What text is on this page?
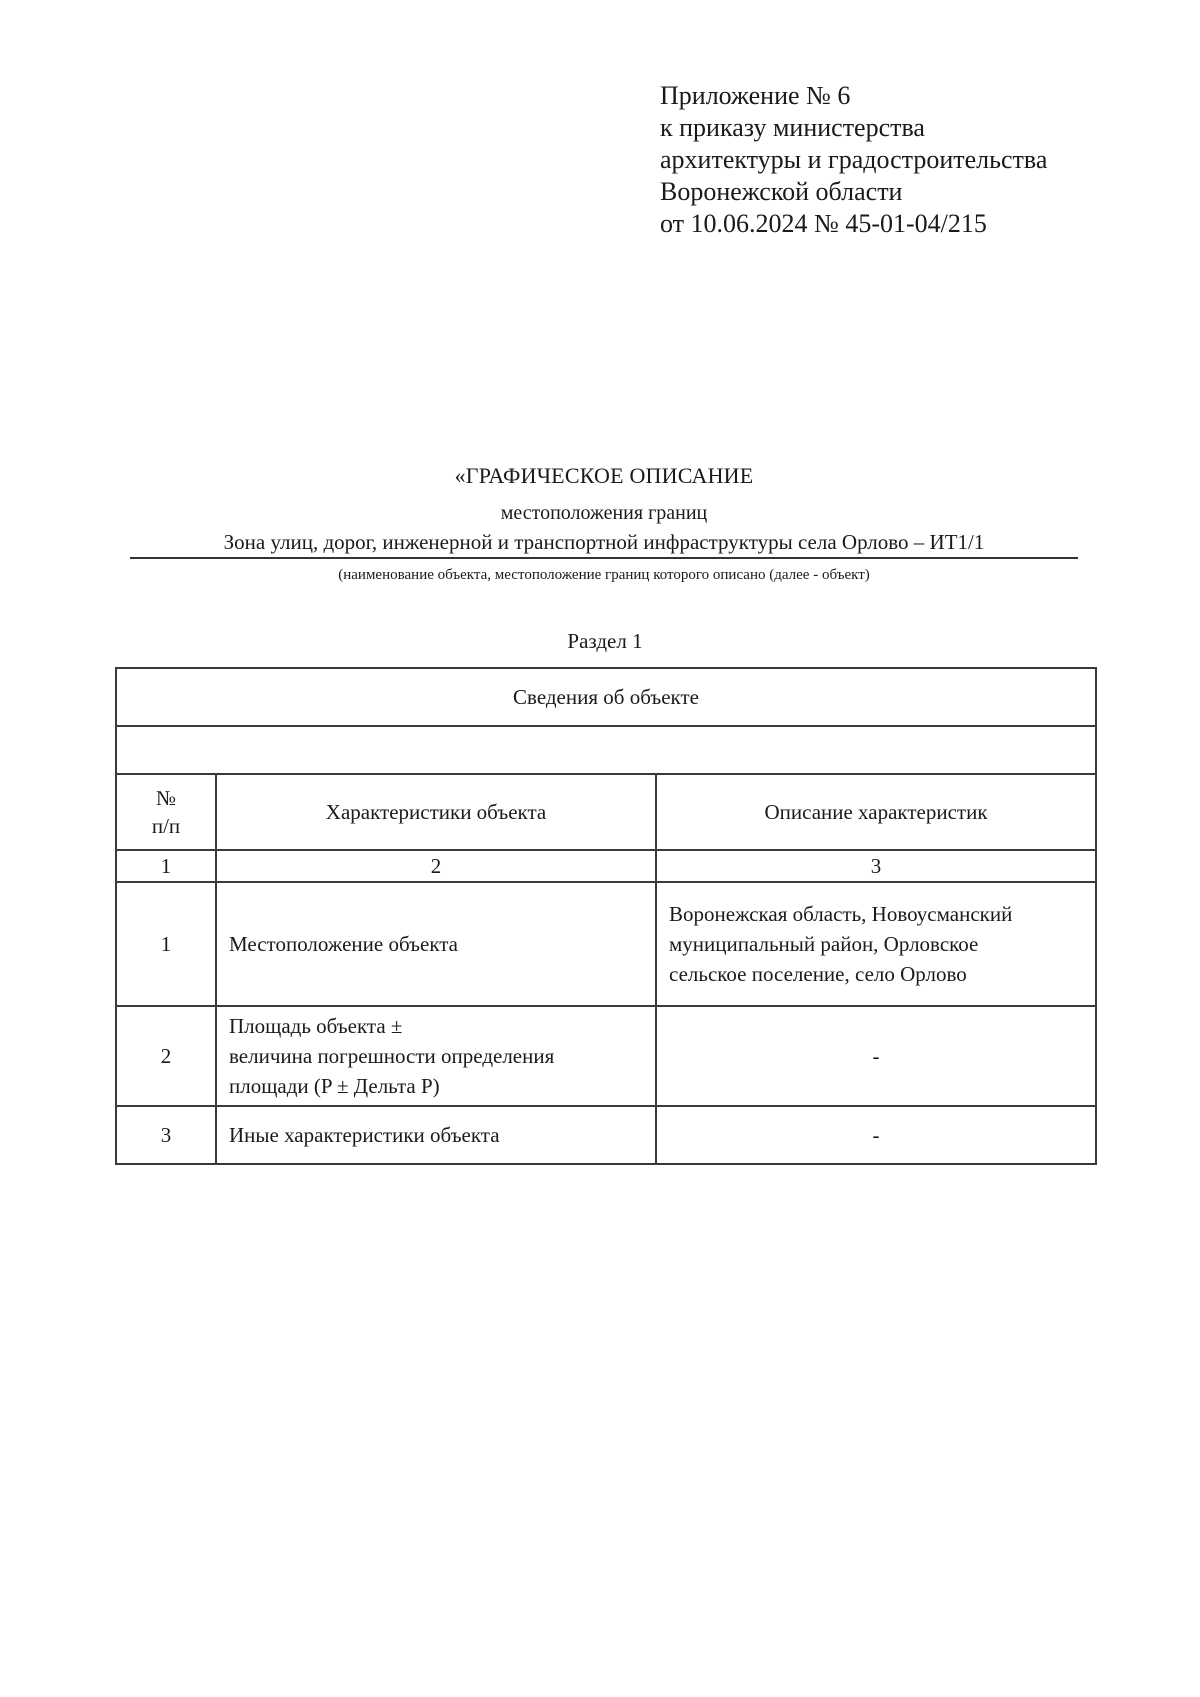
Приложение № 6
к приказу министерства
архитектуры и градостроительства
Воронежской области
от 10.06.2024 № 45-01-04/215
«ГРАФИЧЕСКОЕ ОПИСАНИЕ
местоположения границ
Зона улиц, дорог, инженерной и транспортной инфраструктуры села Орлово – ИТ1/1
(наименование объекта, местоположение границ которого описано (далее - объект)
Раздел 1
Сведения об объекте		

№
п/п	Характеристики объекта	Описание характеристик
1	2	3
1	Местоположение объекта	Воронежская область, Новоусманский
муниципальный район, Орловское
сельское поселение, село Орлово

2	Площадь объекта ±
величина погрешности определения
площади (P ± Дельта P)	-
3	Иные характеристики объекта	-
